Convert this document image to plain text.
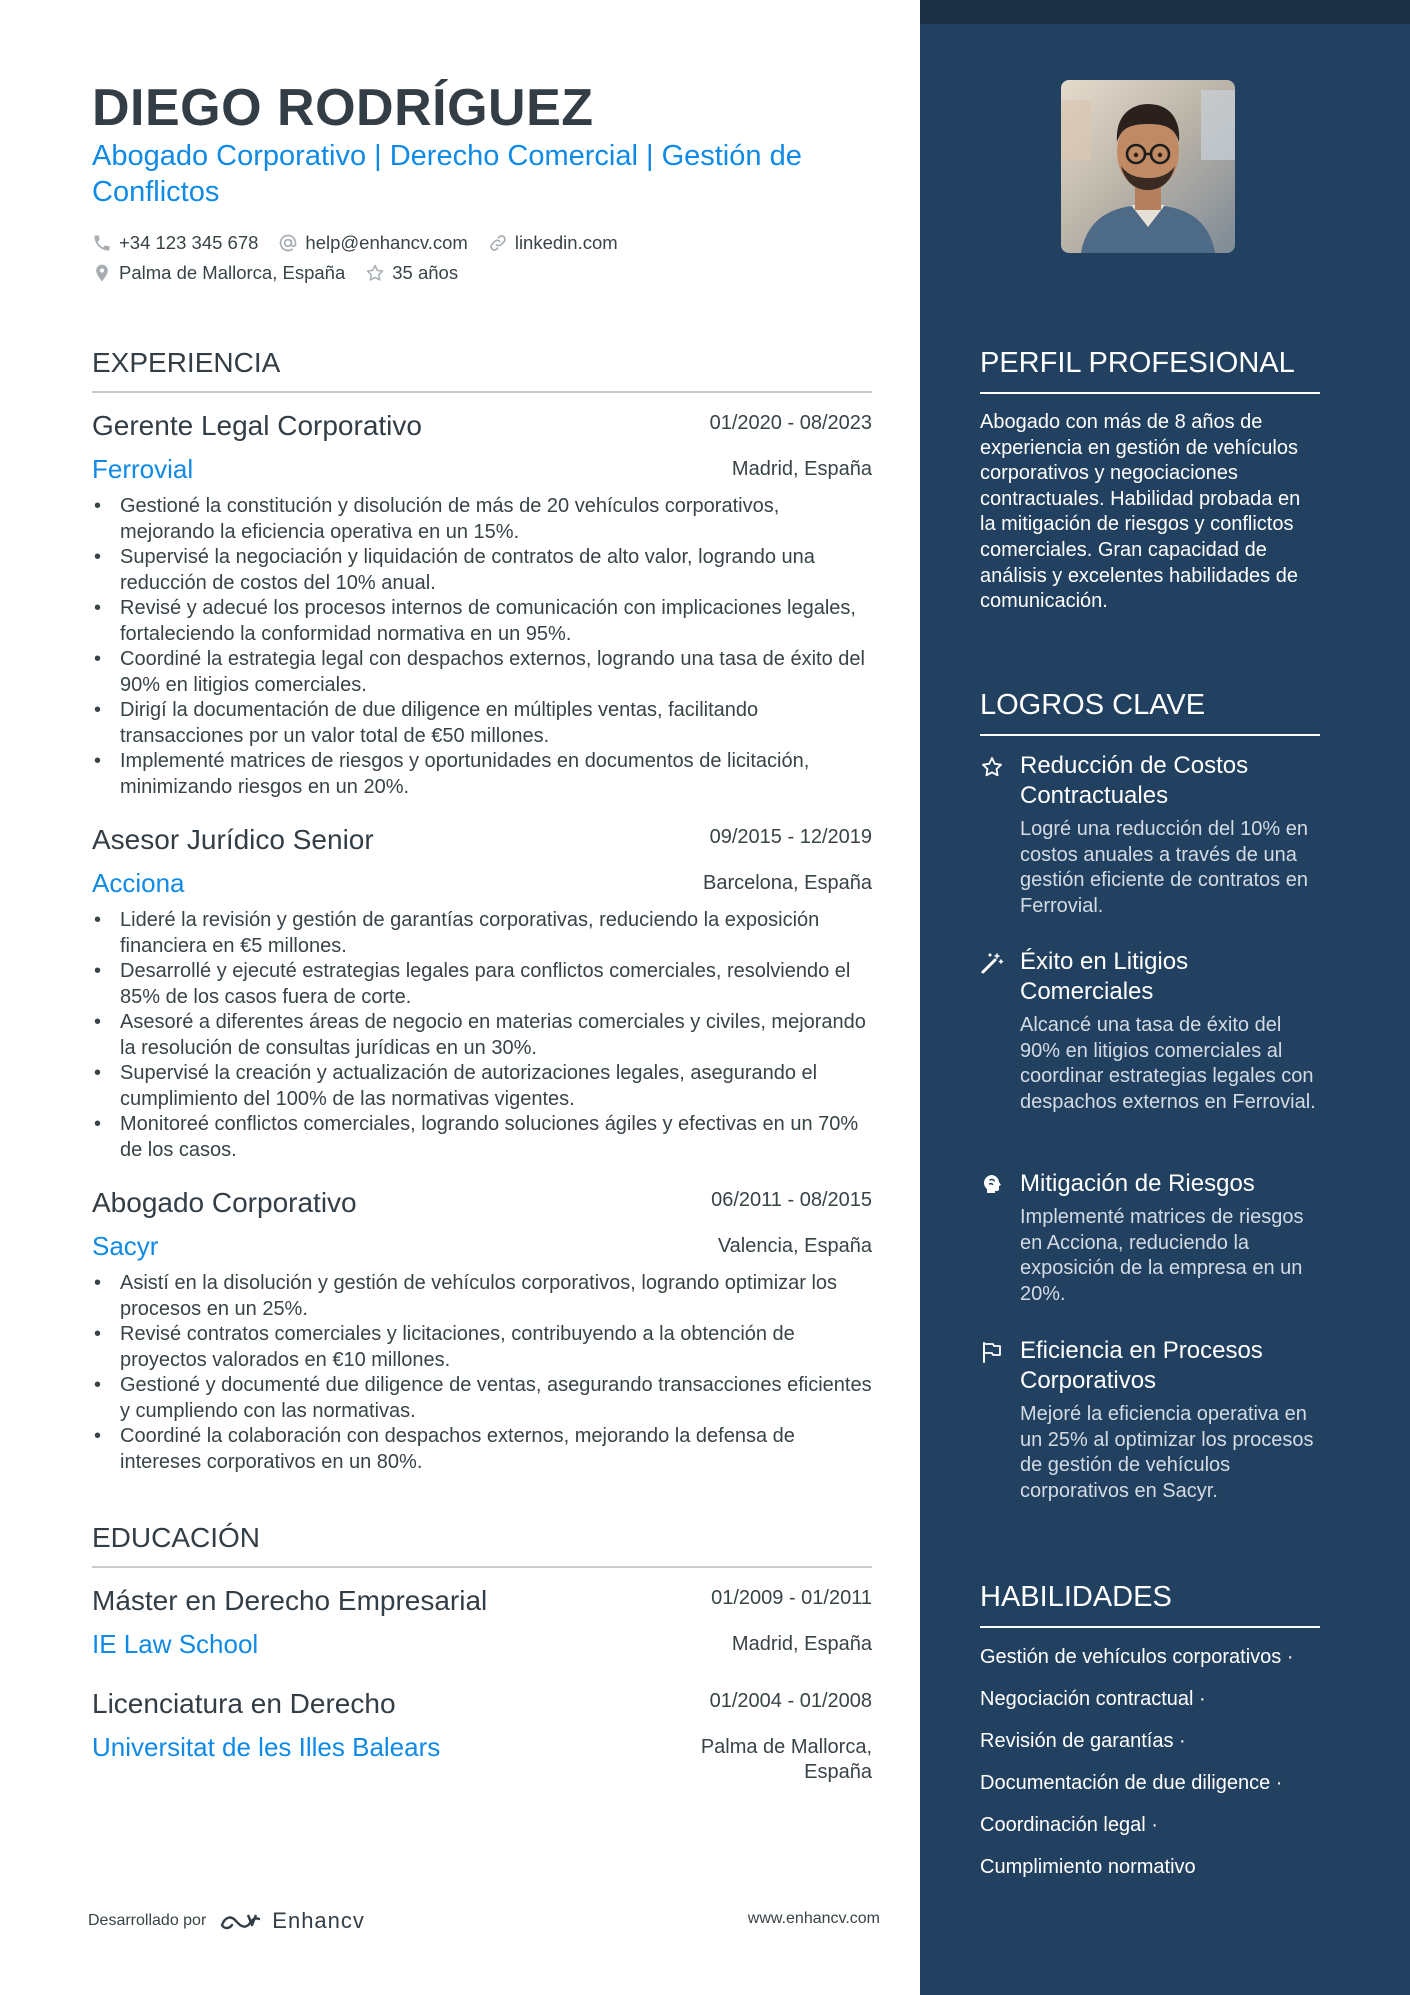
DIEGO RODRÍGUEZ
Abogado Corporativo | Derecho Comercial | Gestión de Conflictos
+34 123 345 678	help@enhancv.com	linkedin.com
Palma de Mallorca, España	35 años
EXPERIENCIA
Gerente Legal Corporativo	01/2020 - 08/2023
Ferrovial	Madrid, España
• Gestioné la constitución y disolución de más de 20 vehículos corporativos, mejorando la eficiencia operativa en un 15%.
• Supervisé la negociación y liquidación de contratos de alto valor, logrando una reducción de costos del 10% anual.
• Revisé y adecué los procesos internos de comunicación con implicaciones legales, fortaleciendo la conformidad normativa en un 95%.
• Coordiné la estrategia legal con despachos externos, logrando una tasa de éxito del 90% en litigios comerciales.
• Dirigí la documentación de due diligence en múltiples ventas, facilitando transacciones por un valor total de €50 millones.
• Implementé matrices de riesgos y oportunidades en documentos de licitación, minimizando riesgos en un 20%.
Asesor Jurídico Senior	09/2015 - 12/2019
Acciona	Barcelona, España
• Lideré la revisión y gestión de garantías corporativas, reduciendo la exposición financiera en €5 millones.
• Desarrollé y ejecuté estrategias legales para conflictos comerciales, resolviendo el 85% de los casos fuera de corte.
• Asesoré a diferentes áreas de negocio en materias comerciales y civiles, mejorando la resolución de consultas jurídicas en un 30%.
• Supervisé la creación y actualización de autorizaciones legales, asegurando el cumplimiento del 100% de las normativas vigentes.
• Monitoreé conflictos comerciales, logrando soluciones ágiles y efectivas en un 70% de los casos.
Abogado Corporativo	06/2011 - 08/2015
Sacyr	Valencia, España
• Asistí en la disolución y gestión de vehículos corporativos, logrando optimizar los procesos en un 25%.
• Revisé contratos comerciales y licitaciones, contribuyendo a la obtención de proyectos valorados en €10 millones.
• Gestioné y documenté due diligence de ventas, asegurando transacciones eficientes y cumpliendo con las normativas.
• Coordiné la colaboración con despachos externos, mejorando la defensa de intereses corporativos en un 80%.
EDUCACIÓN
Máster en Derecho Empresarial	01/2009 - 01/2011
IE Law School	Madrid, España
Licenciatura en Derecho	01/2004 - 01/2008
Universitat de les Illes Balears	Palma de Mallorca, España
Desarrollado por	Enhancv	www.enhancv.com
PERFIL PROFESIONAL
Abogado con más de 8 años de experiencia en gestión de vehículos corporativos y negociaciones contractuales. Habilidad probada en la mitigación de riesgos y conflictos comerciales. Gran capacidad de análisis y excelentes habilidades de comunicación.
LOGROS CLAVE
Reducción de Costos Contractuales
Logré una reducción del 10% en costos anuales a través de una gestión eficiente de contratos en Ferrovial.
Éxito en Litigios Comerciales
Alcancé una tasa de éxito del 90% en litigios comerciales al coordinar estrategias legales con despachos externos en Ferrovial.
Mitigación de Riesgos
Implementé matrices de riesgos en Acciona, reduciendo la exposición de la empresa en un 20%.
Eficiencia en Procesos Corporativos
Mejoré la eficiencia operativa en un 25% al optimizar los procesos de gestión de vehículos corporativos en Sacyr.
HABILIDADES
Gestión de vehículos corporativos ·
Negociación contractual ·
Revisión de garantías ·
Documentación de due diligence ·
Coordinación legal ·
Cumplimiento normativo
